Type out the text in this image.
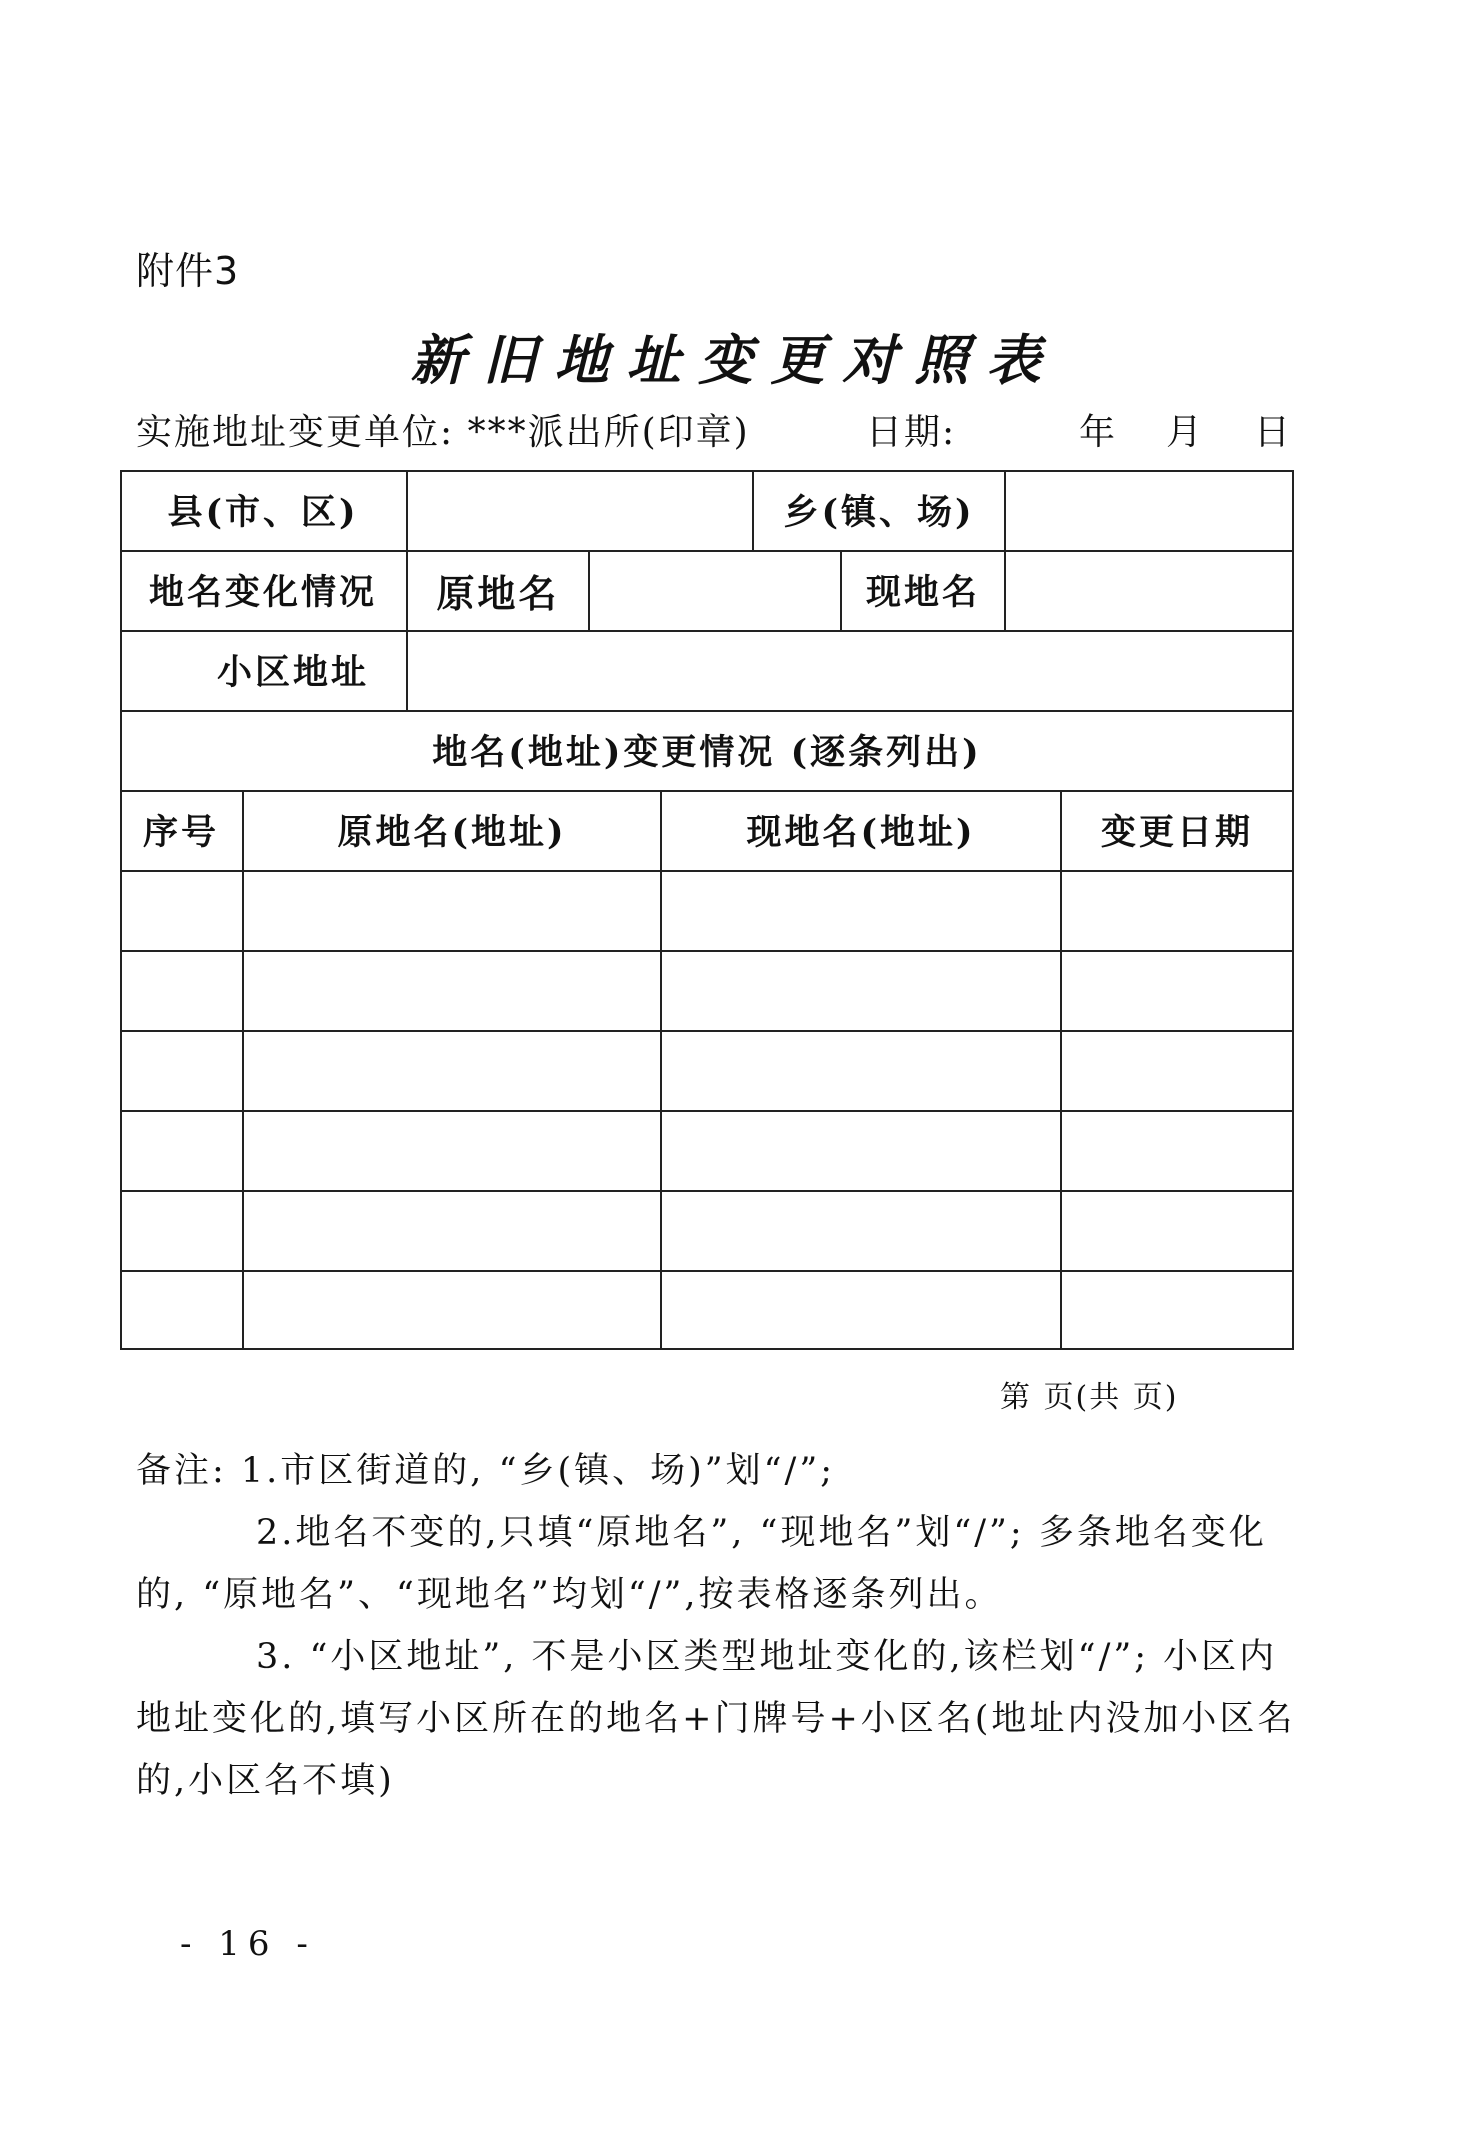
附件3
新旧地址变更对照表
实施地址变更单位: ***派出所(印章)	日期:	年 月 日
县(市、区)	乡(镇、场)
地名变化情况	原地名	现地名
小区地址
地名(地址)变更情况 (逐条列出)
序号	原地名(地址)	现地名(地址)	变更日期
第 页(共 页)

备注: 1.市区街道的, “乡(镇、场)”划“/”;

2.地名不变的,只填“原地名”, “现地名”划“/”; 多条地名变化的, “原地名”、“现地名”均划“/”,按表格逐条列出。

3. “小区地址”, 不是小区类型地址变化的,该栏划“/”; 小区内地址变化的,填写小区所在的地名+门牌号+小区名(地址内没加小区名的,小区名不填)

- 16 -
